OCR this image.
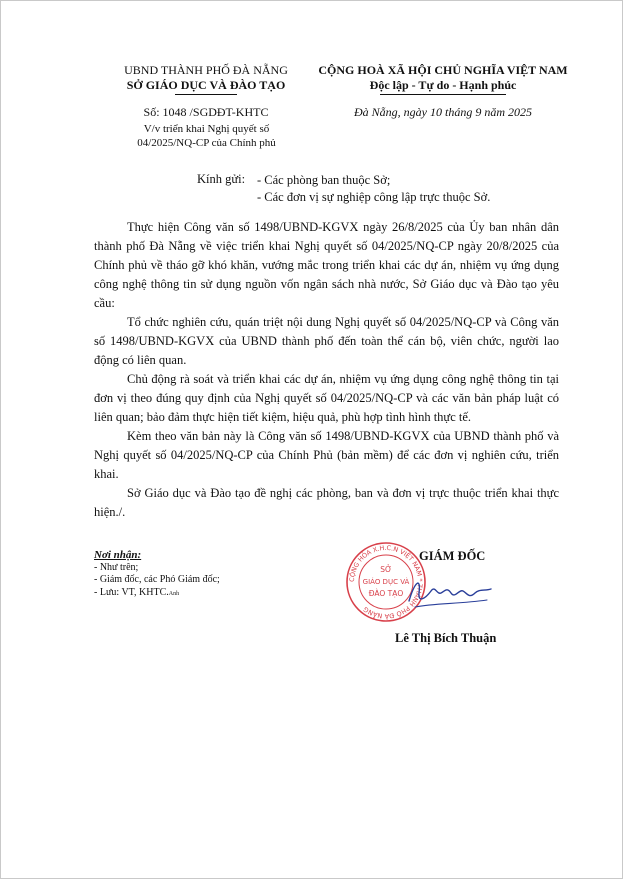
UBND THÀNH PHỐ ĐÀ NẴNG
SỞ GIÁO DỤC VÀ ĐÀO TẠO
CỘNG HOÀ XÃ HỘI CHỦ NGHĨA VIỆT NAM
Độc lập - Tự do - Hạnh phúc
Số: 1048 /SGDĐT-KHTC
V/v triển khai Nghị quyết số
04/2025/NQ-CP của Chính phủ
Đà Nẵng, ngày 10 tháng 9 năm 2025
Kính gửi: - Các phòng ban thuộc Sở;
- Các đơn vị sự nghiệp công lập trực thuộc Sở.

Thực hiện Công văn số 1498/UBND-KGVX ngày 26/8/2025 của Ủy ban nhân dân thành phố Đà Nẵng về việc triển khai Nghị quyết số 04/2025/NQ-CP ngày 20/8/2025 của Chính phủ về tháo gỡ khó khăn, vướng mắc trong triển khai các dự án, nhiệm vụ ứng dụng công nghệ thông tin sử dụng nguồn vốn ngân sách nhà nước, Sở Giáo dục và Đào tạo yêu cầu:

Tổ chức nghiên cứu, quán triệt nội dung Nghị quyết số 04/2025/NQ-CP và Công văn số 1498/UBND-KGVX của UBND thành phố đến toàn thể cán bộ, viên chức, người lao động có liên quan.

Chủ động rà soát và triển khai các dự án, nhiệm vụ ứng dụng công nghệ thông tin tại đơn vị theo đúng quy định của Nghị quyết số 04/2025/NQ-CP và các văn bản pháp luật có liên quan; bảo đảm thực hiện tiết kiệm, hiệu quả, phù hợp tình hình thực tế.

Kèm theo văn bản này là Công văn số 1498/UBND-KGVX của UBND thành phố và Nghị quyết số 04/2025/NQ-CP của Chính Phủ (bản mềm) để các đơn vị nghiên cứu, triển khai.

Sở Giáo dục và Đào tạo đề nghị các phòng, ban và đơn vị trực thuộc triển khai thực hiện./.

Nơi nhận:
- Như trên;
- Giám đốc, các Phó Giám đốc;
- Lưu: VT, KHTC.Anh
CỘNG HÒA X.H.C.N VIỆT NAM * THÀNH PHỐ ĐÀ NẴNG
SỞ
GIÁO DỤC VÀ
ĐÀO TẠO
GIÁM ĐỐC
Lê Thị Bích Thuận
